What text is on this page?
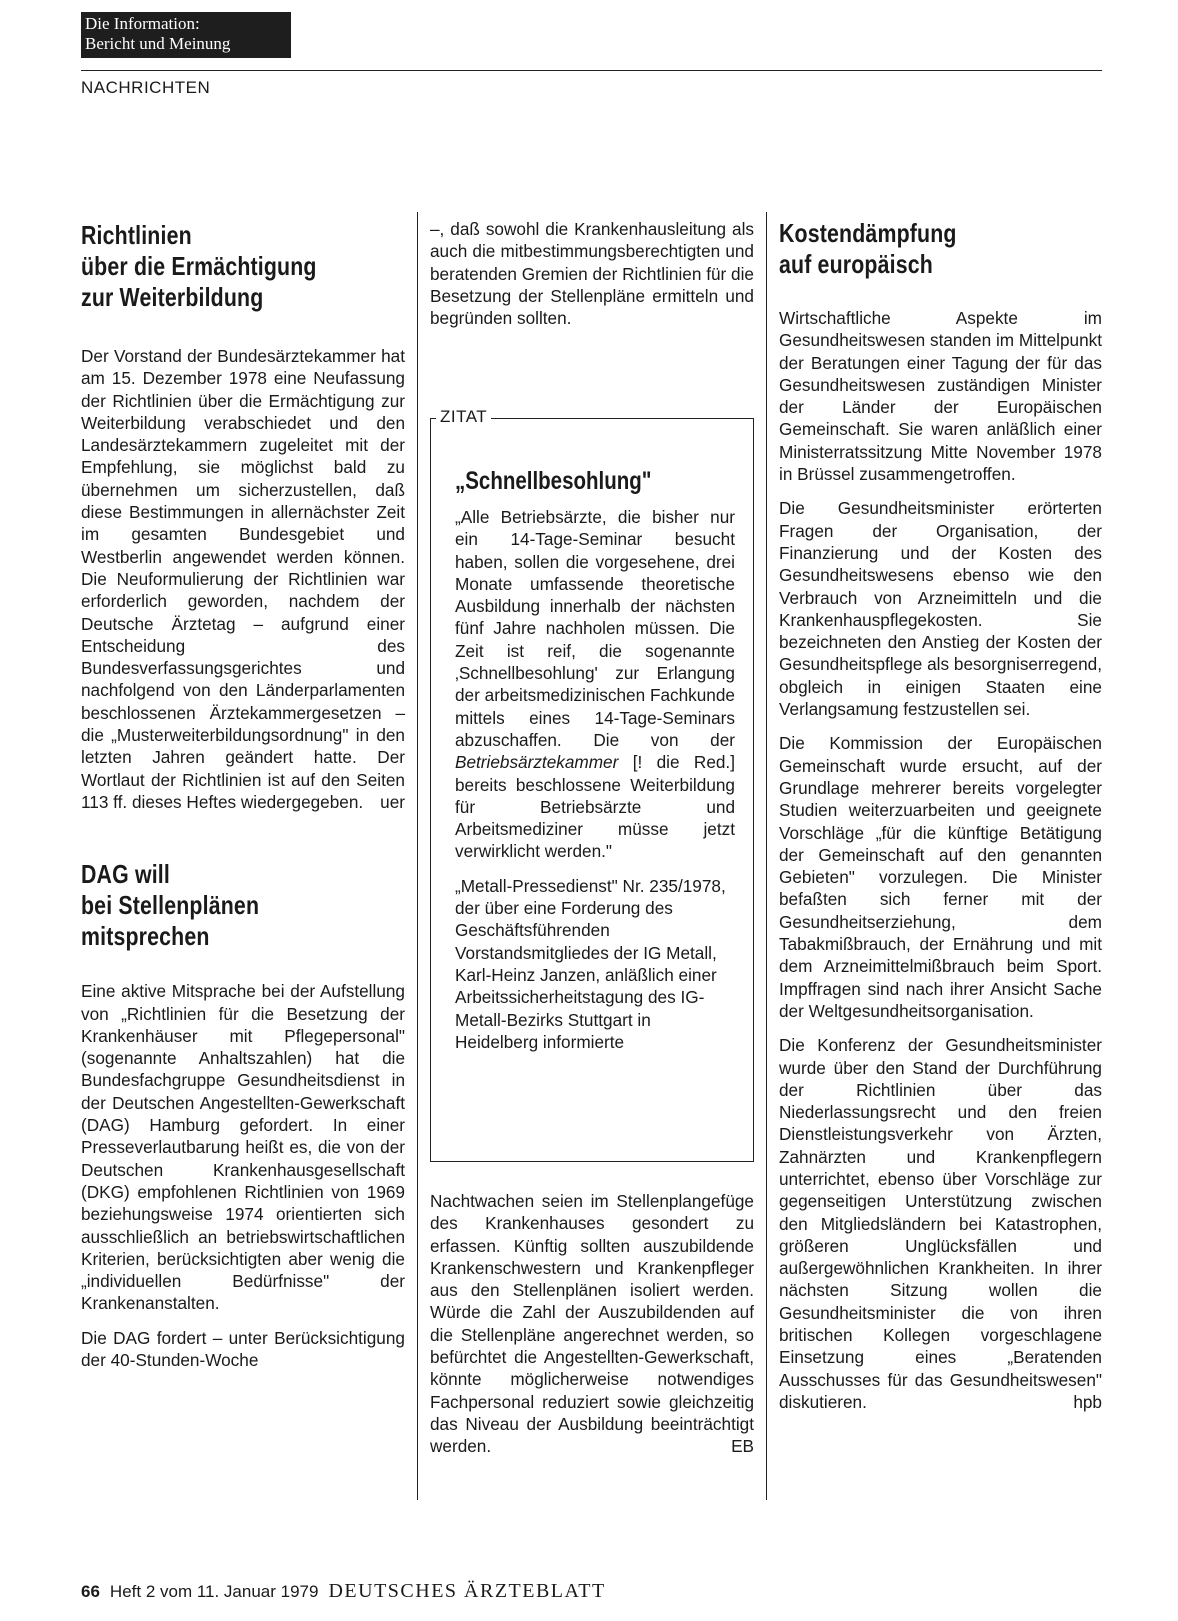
Die Information:
Bericht und Meinung
NACHRICHTEN
Richtlinien
über die Ermächtigung
zur Weiterbildung

Der Vorstand der Bundesärztekammer hat am 15. Dezember 1978 eine Neufassung der Richtlinien über die Ermächtigung zur Weiterbildung verabschiedet und den Landesärztekammern zugeleitet mit der Empfehlung, sie möglichst bald zu übernehmen um sicherzustellen, daß diese Bestimmungen in allernächster Zeit im gesamten Bundesgebiet und Westberlin angewendet werden können. Die Neuformulierung der Richtlinien war erforderlich geworden, nachdem der Deutsche Ärztetag – aufgrund einer Entscheidung des Bundesverfassungsgerichtes und nachfolgend von den Länderparlamenten beschlossenen Ärztekammergesetzen – die „Musterweiterbildungsordnung" in den letzten Jahren geändert hatte. Der Wortlaut der Richtlinien ist auf den Seiten 113 ff. dieses Heftes wiedergegeben. uer

DAG will
bei Stellenplänen
mitsprechen

Eine aktive Mitsprache bei der Aufstellung von „Richtlinien für die Besetzung der Krankenhäuser mit Pflegepersonal" (sogenannte Anhaltszahlen) hat die Bundesfachgruppe Gesundheitsdienst in der Deutschen Angestellten-Gewerkschaft (DAG) Hamburg gefordert. In einer Presseverlautbarung heißt es, die von der Deutschen Krankenhausgesellschaft (DKG) empfohlenen Richtlinien von 1969 beziehungsweise 1974 orientierten sich ausschließlich an betriebswirtschaftlichen Kriterien, berücksichtigten aber wenig die „individuellen Bedürfnisse" der Krankenanstalten.

Die DAG fordert – unter Berücksichtigung der 40-Stunden-Woche

–, daß sowohl die Krankenhausleitung als auch die mitbestimmungsberechtigten und beratenden Gremien der Richtlinien für die Besetzung der Stellenpläne ermitteln und begründen sollten.

ZITAT
„Schnellbesohlung"

„Alle Betriebsärzte, die bisher nur ein 14-Tage-Seminar besucht haben, sollen die vorgesehene, drei Monate umfassende theoretische Ausbildung innerhalb der nächsten fünf Jahre nachholen müssen. Die Zeit ist reif, die sogenannte ‚Schnellbesohlung' zur Erlangung der arbeitsmedizinischen Fachkunde mittels eines 14-Tage-Seminars abzuschaffen. Die von der Betriebsärztekammer [! die Red.] bereits beschlossene Weiterbildung für Betriebsärzte und Arbeitsmediziner müsse jetzt verwirklicht werden."

„Metall-Pressedienst" Nr. 235/1978, der über eine Forderung des Geschäftsführenden Vorstandsmitgliedes der IG Metall, Karl-Heinz Janzen, anläßlich einer Arbeitssicherheitstagung des IG-Metall-Bezirks Stuttgart in Heidelberg informierte

Nachtwachen seien im Stellenplangefüge des Krankenhauses gesondert zu erfassen. Künftig sollten auszubildende Krankenschwestern und Krankenpfleger aus den Stellenplänen isoliert werden. Würde die Zahl der Auszubildenden auf die Stellenpläne angerechnet werden, so befürchtet die Angestellten-Gewerkschaft, könnte möglicherweise notwendiges Fachpersonal reduziert sowie gleichzeitig das Niveau der Ausbildung beeinträchtigt werden.	EB

Kostendämpfung
auf europäisch

Wirtschaftliche Aspekte im Gesundheitswesen standen im Mittelpunkt der Beratungen einer Tagung der für das Gesundheitswesen zuständigen Minister der Länder der Europäischen Gemeinschaft. Sie waren anläßlich einer Ministerratssitzung Mitte November 1978 in Brüssel zusammengetroffen.

Die Gesundheitsminister erörterten Fragen der Organisation, der Finanzierung und der Kosten des Gesundheitswesens ebenso wie den Verbrauch von Arzneimitteln und die Krankenhauspflegekosten. Sie bezeichneten den Anstieg der Kosten der Gesundheitspflege als besorgniserregend, obgleich in einigen Staaten eine Verlangsamung festzustellen sei.

Die Kommission der Europäischen Gemeinschaft wurde ersucht, auf der Grundlage mehrerer bereits vorgelegter Studien weiterzuarbeiten und geeignete Vorschläge „für die künftige Betätigung der Gemeinschaft auf den genannten Gebieten" vorzulegen. Die Minister befaßten sich ferner mit der Gesundheitserziehung, dem Tabakmißbrauch, der Ernährung und mit dem Arzneimittelmißbrauch beim Sport. Impffragen sind nach ihrer Ansicht Sache der Weltgesundheitsorganisation.

Die Konferenz der Gesundheitsminister wurde über den Stand der Durchführung der Richtlinien über das Niederlassungsrecht und den freien Dienstleistungsverkehr von Ärzten, Zahnärzten und Krankenpflegern unterrichtet, ebenso über Vorschläge zur gegenseitigen Unterstützung zwischen den Mitgliedsländern bei Katastrophen, größeren Unglücksfällen und außergewöhnlichen Krankheiten. In ihrer nächsten Sitzung wollen die Gesundheitsminister die von ihren britischen Kollegen vorgeschlagene Einsetzung eines „Beratenden Ausschusses für das Gesundheitswesen" diskutieren.	hpb

66 Heft 2 vom 11. Januar 1979 DEUTSCHES ÄRZTEBLATT
